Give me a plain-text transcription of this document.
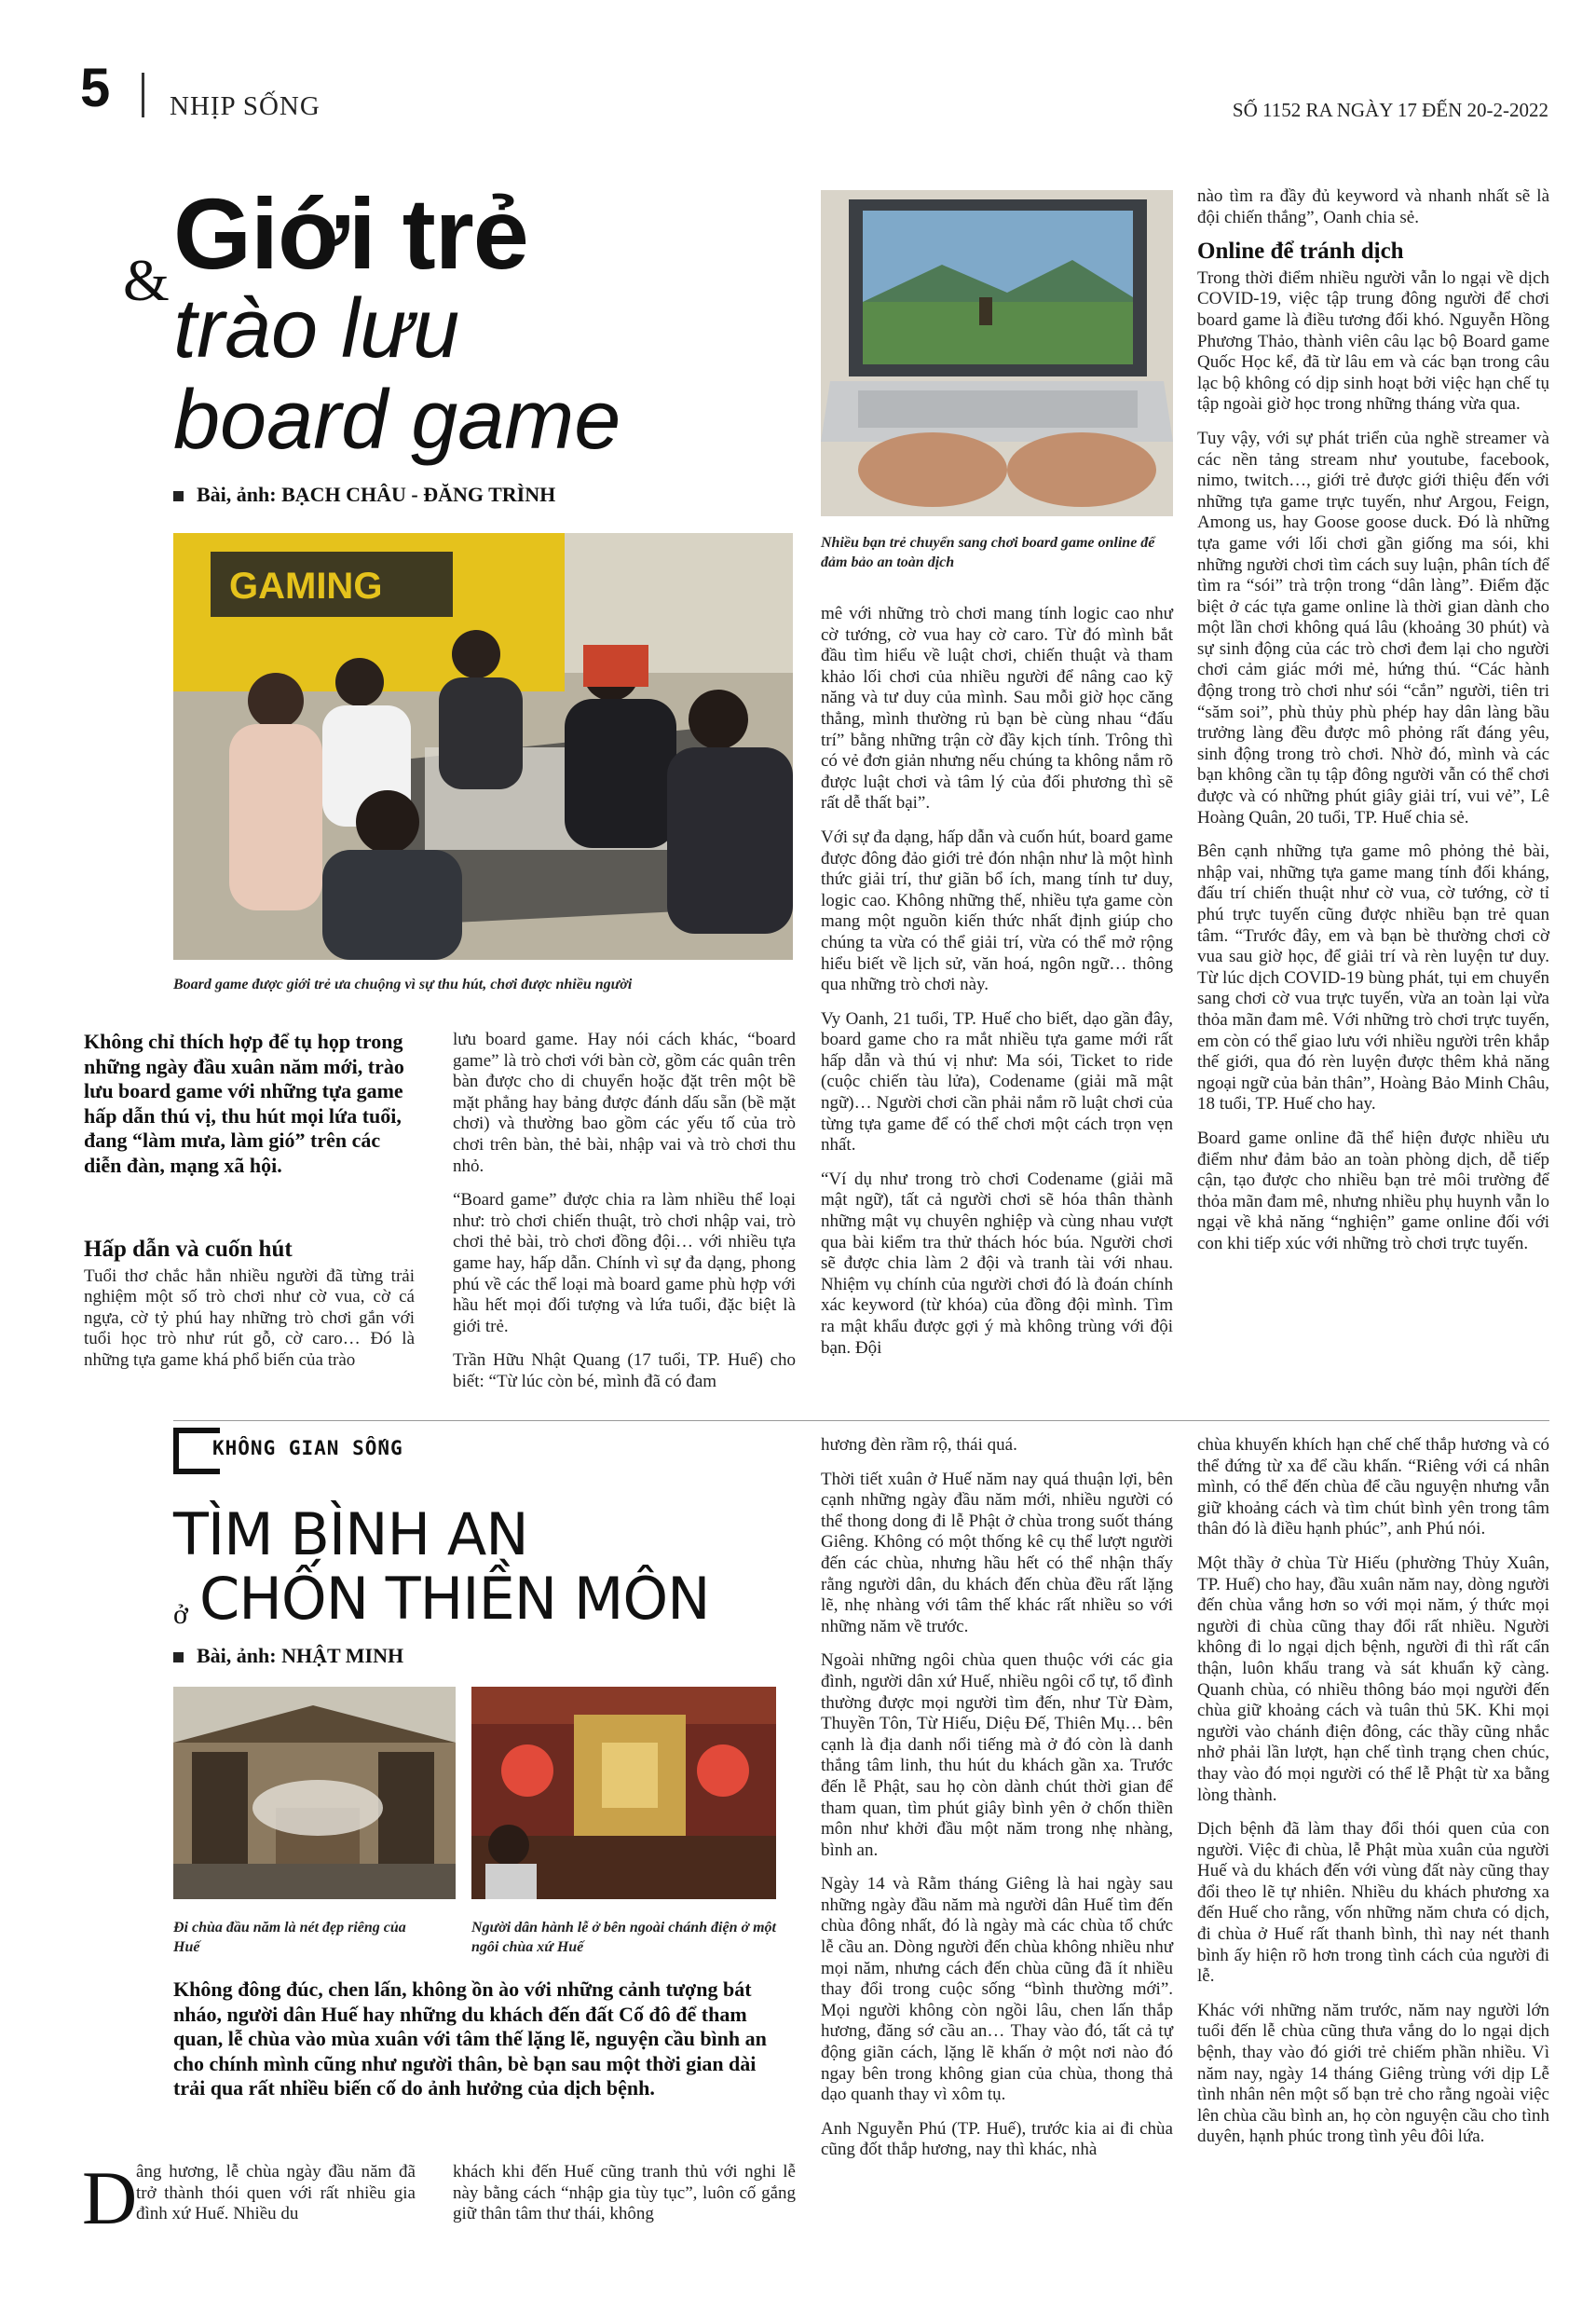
5 NHỊP SỐNG	SỐ 1152 RA NGÀY 17 ĐẾN 20-2-2022
Giới trẻ
&
trào lưu
board game
Bài, ảnh: BẠCH CHÂU - ĐĂNG TRÌNH
GAMING
Board game được giới trẻ ưa chuộng vì sự thu hút, chơi được nhiều người
Nhiều bạn trẻ chuyển sang chơi board game online để đảm bảo an toàn dịch
Không chỉ thích hợp để tụ họp trong những ngày đầu xuân năm mới, trào lưu board game với những tựa game hấp dẫn thú vị, thu hút mọi lứa tuổi, đang “làm mưa, làm gió” trên các diễn đàn, mạng xã hội.
Hấp dẫn và cuốn hút

Tuổi thơ chắc hẳn nhiều người đã từng trải nghiệm một số trò chơi như cờ vua, cờ cá ngựa, cờ tỷ phú hay những trò chơi gắn với tuổi học trò như rút gỗ, cờ caro… Đó là những tựa game khá phổ biến của trào

lưu board game. Hay nói cách khác, “board game” là trò chơi với bàn cờ, gồm các quân trên bàn được cho di chuyển hoặc đặt trên một bề mặt phẳng hay bảng được đánh dấu sẵn (bề mặt chơi) và thường bao gồm các yếu tố của trò chơi trên bàn, thẻ bài, nhập vai và trò chơi thu nhỏ.

“Board game” được chia ra làm nhiều thể loại như: trò chơi chiến thuật, trò chơi nhập vai, trò chơi thẻ bài, trò chơi đồng đội… với nhiều tựa game hay, hấp dẫn. Chính vì sự đa dạng, phong phú về các thể loại mà board game phù hợp với hầu hết mọi đối tượng và lứa tuổi, đặc biệt là giới trẻ.

Trần Hữu Nhật Quang (17 tuổi, TP. Huế) cho biết: “Từ lúc còn bé, mình đã có đam

mê với những trò chơi mang tính logic cao như cờ tướng, cờ vua hay cờ caro. Từ đó mình bắt đầu tìm hiểu về luật chơi, chiến thuật và tham khảo lối chơi của nhiều người để nâng cao kỹ năng và tư duy của mình. Sau mỗi giờ học căng thẳng, mình thường rủ bạn bè cùng nhau “đấu trí” bằng những trận cờ đầy kịch tính. Trông thì có vẻ đơn giản nhưng nếu chúng ta không nắm rõ được luật chơi và tâm lý của đối phương thì sẽ rất dễ thất bại”.

Với sự đa dạng, hấp dẫn và cuốn hút, board game được đông đảo giới trẻ đón nhận như là một hình thức giải trí, thư giãn bổ ích, mang tính tư duy, logic cao. Không những thế, nhiều tựa game còn mang một nguồn kiến thức nhất định giúp cho chúng ta vừa có thể giải trí, vừa có thể mở rộng hiểu biết về lịch sử, văn hoá, ngôn ngữ… thông qua những trò chơi này.

Vy Oanh, 21 tuổi, TP. Huế cho biết, dạo gần đây, board game cho ra mắt nhiều tựa game mới rất hấp dẫn và thú vị như: Ma sói, Ticket to ride (cuộc chiến tàu lửa), Codename (giải mã mật ngữ)… Người chơi cần phải nắm rõ luật chơi của từng tựa game để có thể chơi một cách trọn vẹn nhất.

“Ví dụ như trong trò chơi Codename (giải mã mật ngữ), tất cả người chơi sẽ hóa thân thành những mật vụ chuyên nghiệp và cùng nhau vượt qua bài kiểm tra thử thách hóc búa. Người chơi sẽ được chia làm 2 đội và tranh tài với nhau. Nhiệm vụ chính của người chơi đó là đoán chính xác keyword (từ khóa) của đồng đội mình. Tìm ra mật khẩu được gợi ý mà không trùng với đội bạn. Đội

nào tìm ra đầy đủ keyword và nhanh nhất sẽ là đội chiến thắng”, Oanh chia sẻ.

Online để tránh dịch

Trong thời điểm nhiều người vẫn lo ngại về dịch COVID-19, việc tập trung đông người để chơi board game là điều tương đối khó. Nguyễn Hồng Phương Thảo, thành viên câu lạc bộ Board game Quốc Học kể, đã từ lâu em và các bạn trong câu lạc bộ không có dịp sinh hoạt bởi việc hạn chế tụ tập ngoài giờ học trong những tháng vừa qua.

Tuy vậy, với sự phát triển của nghề streamer và các nền tảng stream như youtube, facebook, nimo, twitch…, giới trẻ được giới thiệu đến với những tựa game trực tuyến, như Argou, Feign, Among us, hay Goose goose duck. Đó là những tựa game với lối chơi gần giống ma sói, khi những người chơi tìm cách suy luận, phân tích để tìm ra “sói” trà trộn trong “dân làng”. Điểm đặc biệt ở các tựa game online là thời gian dành cho một lần chơi không quá lâu (khoảng 30 phút) và sự sinh động của các trò chơi đem lại cho người chơi cảm giác mới mẻ, hứng thú. “Các hành động trong trò chơi như sói “cắn” người, tiên tri “săm soi”, phù thủy phù phép hay dân làng bầu trưởng làng đều được mô phỏng rất đáng yêu, sinh động trong trò chơi. Nhờ đó, mình và các bạn không cần tụ tập đông người vẫn có thể chơi được và có những phút giây giải trí, vui vẻ”, Lê Hoàng Quân, 20 tuổi, TP. Huế chia sẻ.

Bên cạnh những tựa game mô phỏng thẻ bài, nhập vai, những tựa game mang tính đối kháng, đấu trí chiến thuật như cờ vua, cờ tướng, cờ tỉ phú trực tuyến cũng được nhiều bạn trẻ quan tâm. “Trước đây, em và bạn bè thường chơi cờ vua sau giờ học, để giải trí và rèn luyện tư duy. Từ lúc dịch COVID-19 bùng phát, tụi em chuyển sang chơi cờ vua trực tuyến, vừa an toàn lại vừa thỏa mãn đam mê. Với những trò chơi trực tuyến, em còn có thể giao lưu với nhiều người trên khắp thế giới, qua đó rèn luyện được thêm khả năng ngoại ngữ của bản thân”, Hoàng Bảo Minh Châu, 18 tuổi, TP. Huế cho hay.

Board game online đã thể hiện được nhiều ưu điểm như đảm bảo an toàn phòng dịch, dễ tiếp cận, tạo được cho nhiều bạn trẻ môi trường để thỏa mãn đam mê, nhưng nhiều phụ huynh vẫn lo ngại về khả năng “nghiện” game online đối với con khi tiếp xúc với những trò chơi trực tuyến.

KHÔNG GIAN SỐNG
TÌM BÌNH AN
ở CHỐN THIỀN MÔN
Bài, ảnh: NHẬT MINH
Đi chùa đầu năm là nét đẹp riêng của Huế
Người dân hành lễ ở bên ngoài chánh điện ở một ngôi chùa xứ Huế
Không đông đúc, chen lấn, không ồn ào với những cảnh tượng bát nháo, người dân Huế hay những du khách đến đất Cố đô để tham quan, lễ chùa vào mùa xuân với tâm thế lặng lẽ, nguyện cầu bình an cho chính mình cũng như người thân, bè bạn sau một thời gian dài trải qua rất nhiều biến cố do ảnh hưởng của dịch bệnh.
D

âng hương, lễ chùa ngày đầu năm đã trở thành thói quen với rất nhiều gia đình xứ Huế. Nhiều du

khách khi đến Huế cũng tranh thủ với nghi lễ này bằng cách “nhập gia tùy tục”, luôn cố gắng giữ thân tâm thư thái, không

hương đèn rầm rộ, thái quá.

Thời tiết xuân ở Huế năm nay quá thuận lợi, bên cạnh những ngày đầu năm mới, nhiều người có thể thong dong đi lễ Phật ở chùa trong suốt tháng Giêng. Không có một thống kê cụ thể lượt người đến các chùa, nhưng hầu hết có thể nhận thấy rằng người dân, du khách đến chùa đều rất lặng lẽ, nhẹ nhàng với tâm thế khác rất nhiều so với những năm về trước.

Ngoài những ngôi chùa quen thuộc với các gia đình, người dân xứ Huế, nhiều ngôi cổ tự, tổ đình thường được mọi người tìm đến, như Từ Đàm, Thuyền Tôn, Từ Hiếu, Diệu Đế, Thiên Mụ… bên cạnh là địa danh nổi tiếng mà ở đó còn là danh thắng tâm linh, thu hút du khách gần xa. Trước đến lễ Phật, sau họ còn dành chút thời gian để tham quan, tìm phút giây bình yên ở chốn thiền môn như khởi đầu một năm trong nhẹ nhàng, bình an.

Ngày 14 và Rằm tháng Giêng là hai ngày sau những ngày đầu năm mà người dân Huế tìm đến chùa đông nhất, đó là ngày mà các chùa tổ chức lễ cầu an. Dòng người đến chùa không nhiều như mọi năm, nhưng cách đến chùa cũng đã ít nhiều thay đổi trong cuộc sống “bình thường mới”. Mọi người không còn ngồi lâu, chen lấn thắp hương, đăng sớ cầu an… Thay vào đó, tất cả tự động giãn cách, lặng lẽ khấn ở một nơi nào đó ngay bên trong không gian của chùa, thong thả dạo quanh thay vì xôm tụ.

Anh Nguyễn Phú (TP. Huế), trước kia ai đi chùa cũng đốt thắp hương, nay thì khác, nhà

chùa khuyến khích hạn chế chế thắp hương và có thể đứng từ xa để cầu khấn. “Riêng với cá nhân mình, có thể đến chùa để cầu nguyện nhưng vẫn giữ khoảng cách và tìm chút bình yên trong tâm thân đó là điều hạnh phúc”, anh Phú nói.

Một thầy ở chùa Từ Hiếu (phường Thủy Xuân, TP. Huế) cho hay, đầu xuân năm nay, dòng người đến chùa vắng hơn so với mọi năm, ý thức mọi người đi chùa cũng thay đổi rất nhiều. Người không đi lo ngại dịch bệnh, người đi thì rất cẩn thận, luôn khẩu trang và sát khuẩn kỹ càng. Quanh chùa, có nhiều thông báo mọi người đến chùa giữ khoảng cách và tuân thủ 5K. Khi mọi người vào chánh điện đông, các thầy cũng nhắc nhở phải lần lượt, hạn chế tình trạng chen chúc, thay vào đó mọi người có thể lễ Phật từ xa bằng lòng thành.

Dịch bệnh đã làm thay đổi thói quen của con người. Việc đi chùa, lễ Phật mùa xuân của người Huế và du khách đến với vùng đất này cũng thay đổi theo lẽ tự nhiên. Nhiều du khách phương xa đến Huế cho rằng, vốn những năm chưa có dịch, đi chùa ở Huế rất thanh bình, thì nay nét thanh bình ấy hiện rõ hơn trong tình cách của người đi lễ.

Khác với những năm trước, năm nay người lớn tuổi đến lễ chùa cũng thưa vắng do lo ngại dịch bệnh, thay vào đó giới trẻ chiếm phần nhiều. Vì năm nay, ngày 14 tháng Giêng trùng với dịp Lễ tình nhân nên một số bạn trẻ cho rằng ngoài việc lên chùa cầu bình an, họ còn nguyện cầu cho tình duyên, hạnh phúc trong tình yêu đôi lứa.
